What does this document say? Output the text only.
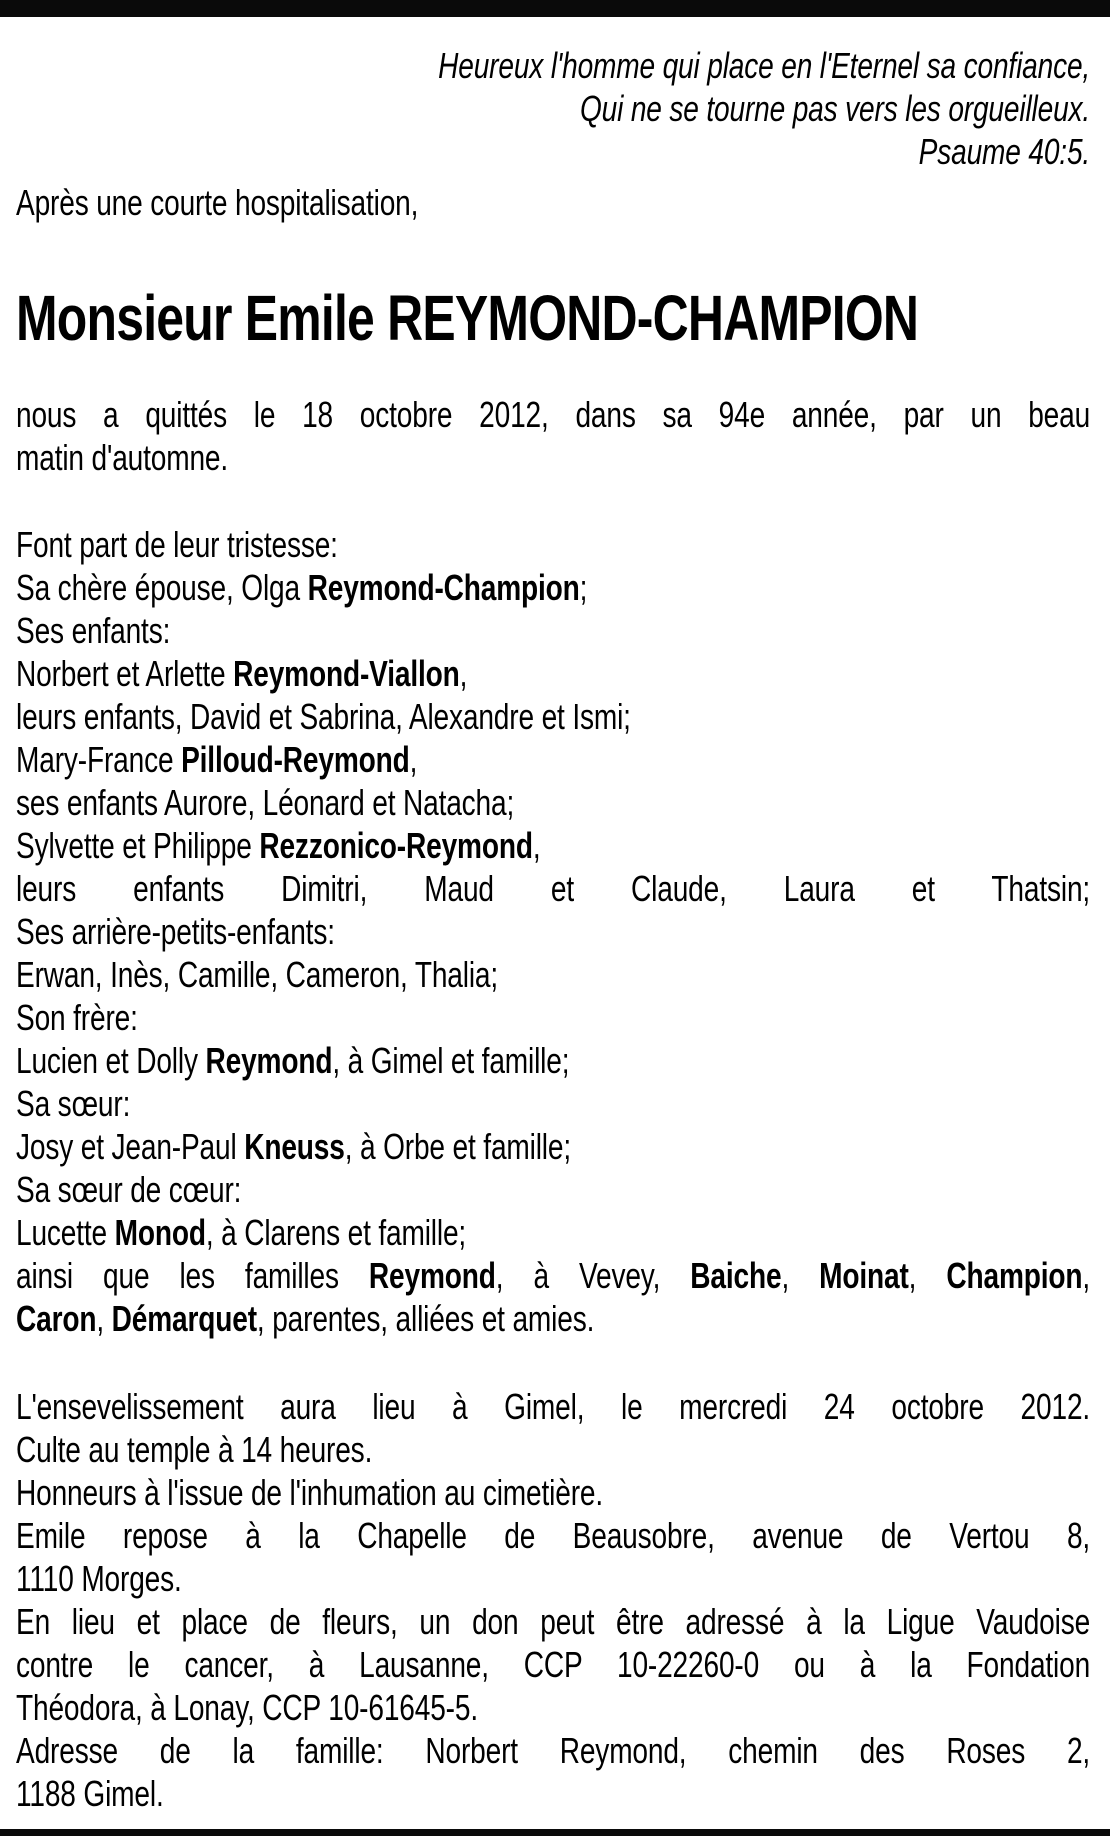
Heureux l'homme qui place en l'Eternel sa confiance,
Qui ne se tourne pas vers les orgueilleux.
Psaume 40:5.
Après une courte hospitalisation,
Monsieur Emile REYMOND-CHAMPION
nous a quittés le 18 octobre 2012, dans sa 94e année, par un beau
matin d'automne.
Font part de leur tristesse:
Sa chère épouse, Olga Reymond-Champion;
Ses enfants:
Norbert et Arlette Reymond-Viallon,
leurs enfants, David et Sabrina, Alexandre et Ismi;
Mary-France Pilloud-Reymond,
ses enfants Aurore, Léonard et Natacha;
Sylvette et Philippe Rezzonico-Reymond,
leurs enfants Dimitri, Maud et Claude, Laura et Thatsin;
Ses arrière-petits-enfants:
Erwan, Inès, Camille, Cameron, Thalia;
Son frère:
Lucien et Dolly Reymond, à Gimel et famille;
Sa sœur:
Josy et Jean-Paul Kneuss, à Orbe et famille;
Sa sœur de cœur:
Lucette Monod, à Clarens et famille;
ainsi que les familles Reymond, à Vevey, Baiche, Moinat, Champion,
Caron, Démarquet, parentes, alliées et amies.
L'ensevelissement aura lieu à Gimel, le mercredi 24 octobre 2012.
Culte au temple à 14 heures.
Honneurs à l'issue de l'inhumation au cimetière.
Emile repose à la Chapelle de Beausobre, avenue de Vertou 8,
1110 Morges.
En lieu et place de fleurs, un don peut être adressé à la Ligue Vaudoise
contre le cancer, à Lausanne, CCP 10-22260-0 ou à la Fondation
Théodora, à Lonay, CCP 10-61645-5.
Adresse de la famille: Norbert Reymond, chemin des Roses 2,
1188 Gimel.
